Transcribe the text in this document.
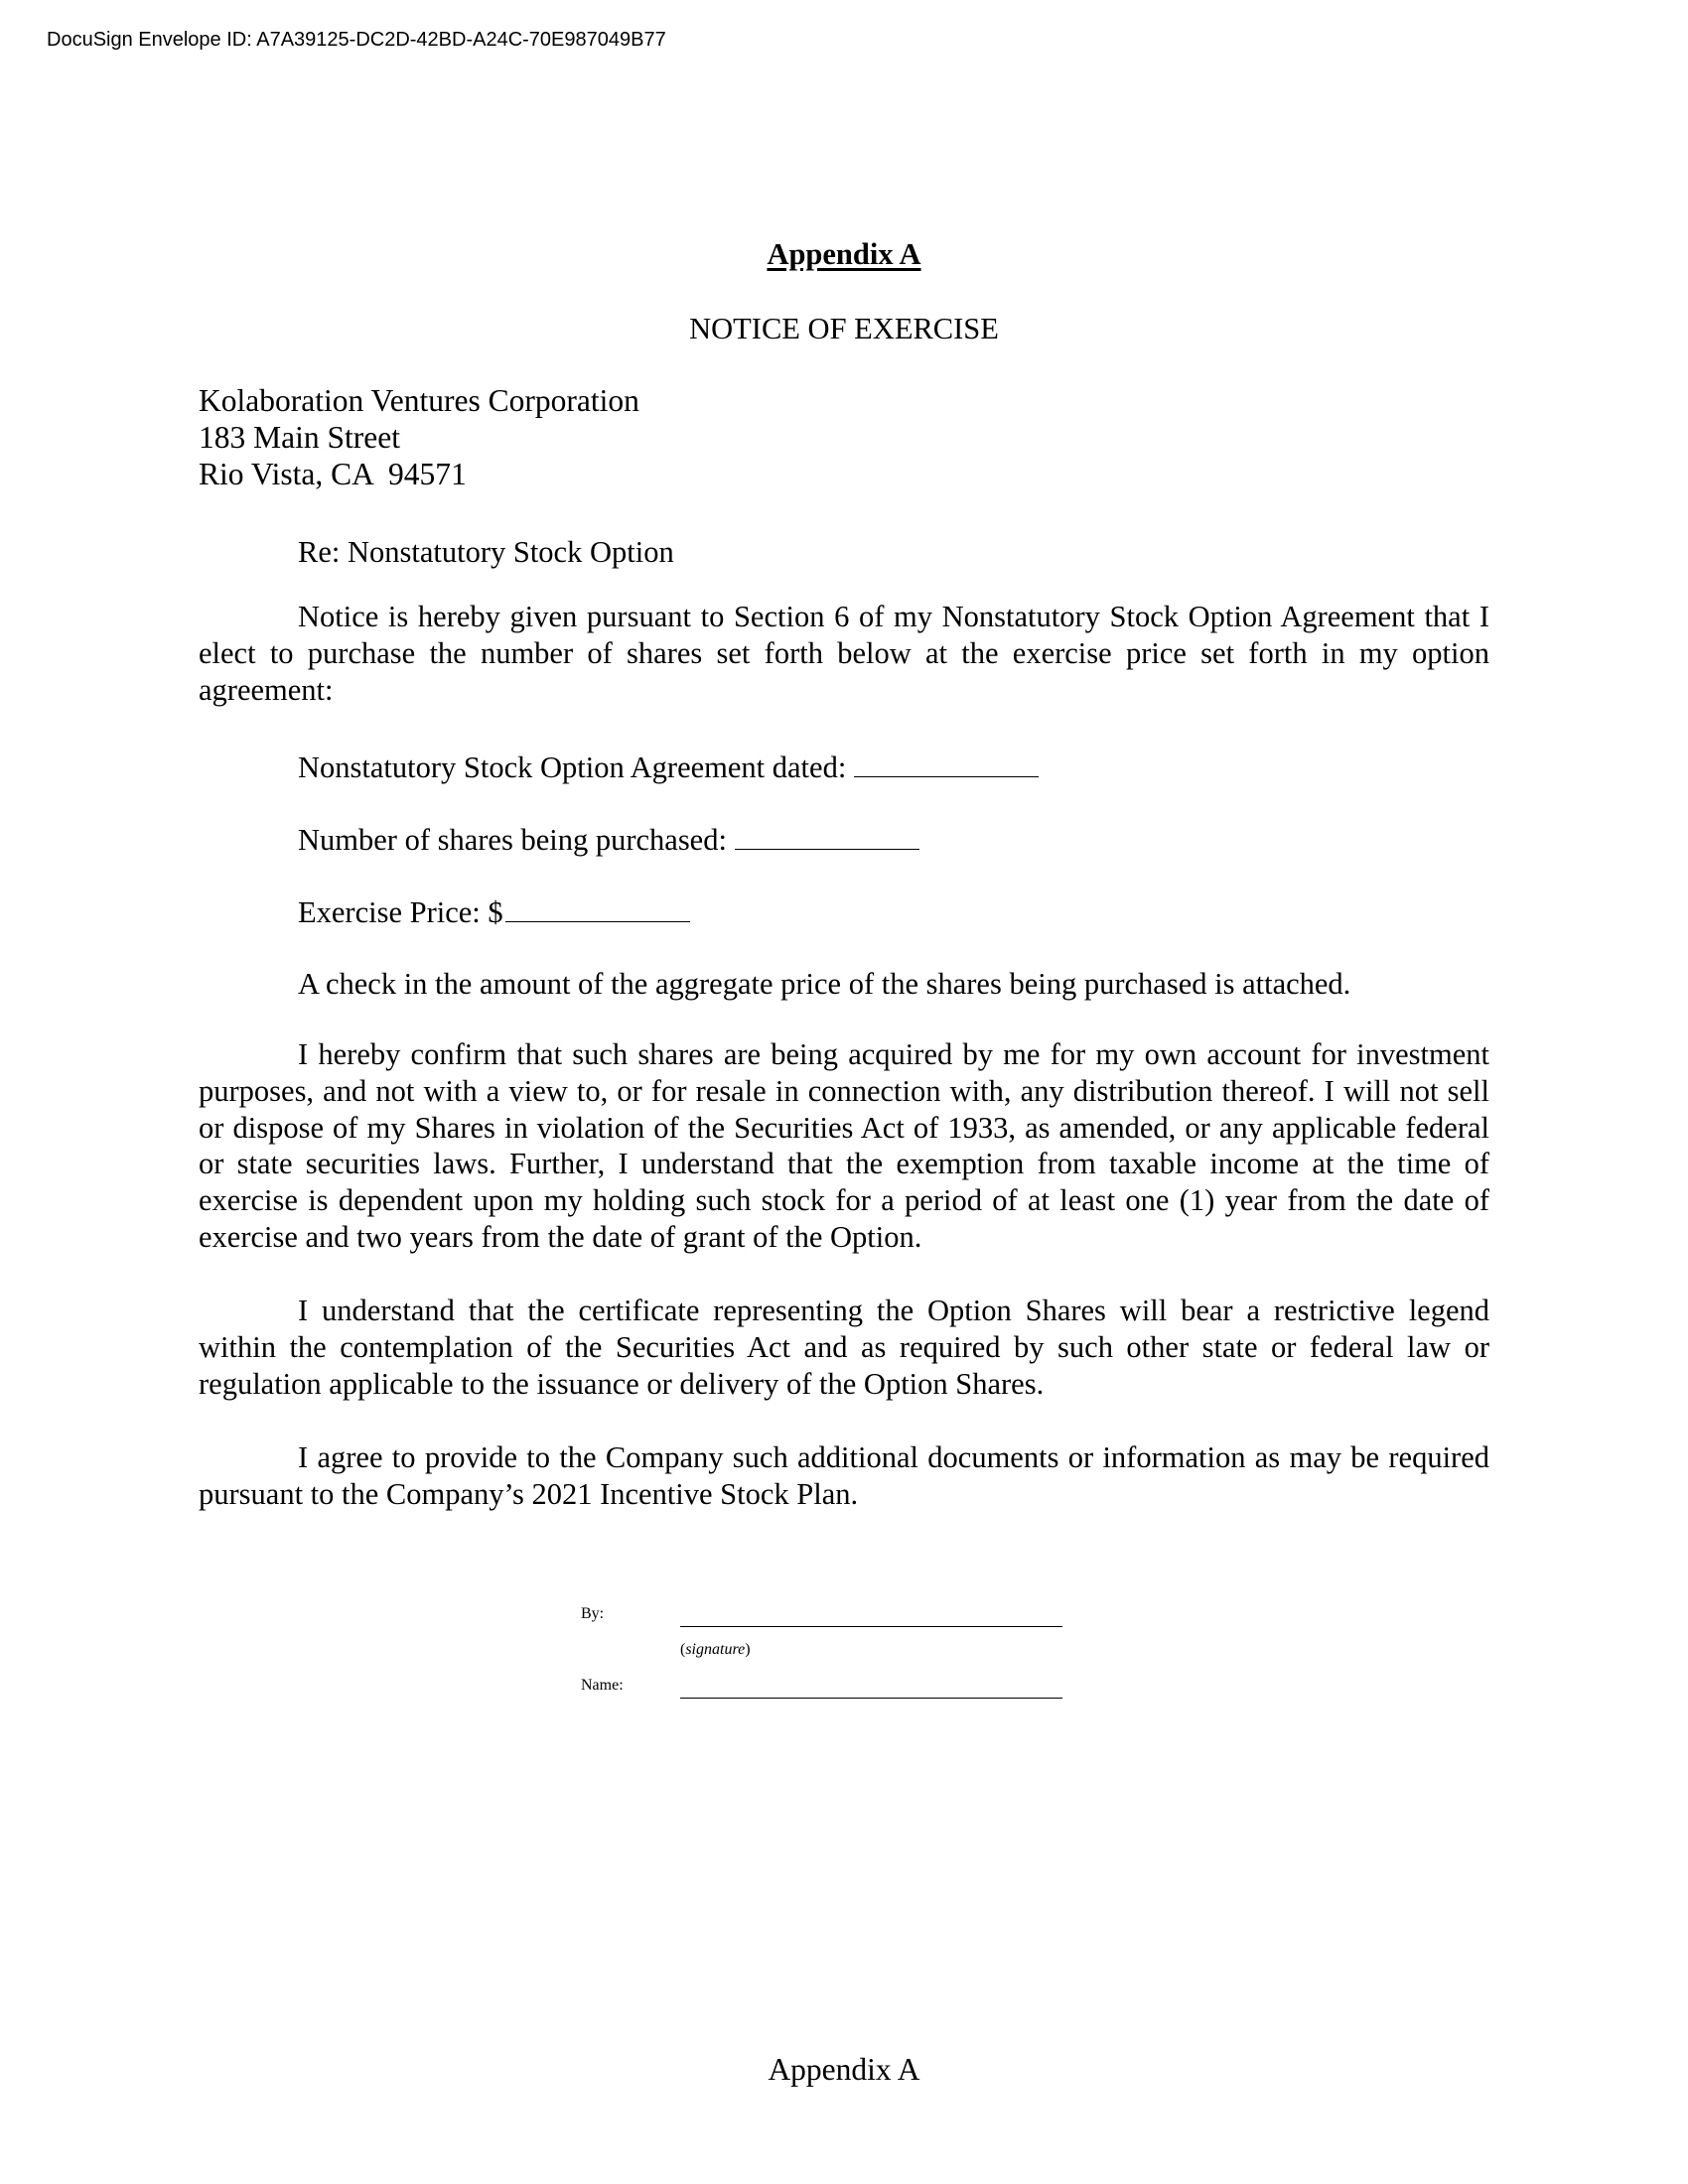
DocuSign Envelope ID: A7A39125-DC2D-42BD-A24C-70E987049B77
Appendix A
NOTICE OF EXERCISE
Kolaboration Ventures Corporation
183 Main Street
Rio Vista, CA  94571
Re: Nonstatutory Stock Option
Notice is hereby given pursuant to Section 6 of my Nonstatutory Stock Option Agreement that I elect to purchase the number of shares set forth below at the exercise price set forth in my option agreement:
Nonstatutory Stock Option Agreement dated:
Number of shares being purchased:
Exercise Price: $
A check in the amount of the aggregate price of the shares being purchased is attached.
I hereby confirm that such shares are being acquired by me for my own account for investment purposes, and not with a view to, or for resale in connection with, any distribution thereof. I will not sell or dispose of my Shares in violation of the Securities Act of 1933, as amended, or any applicable federal or state securities laws. Further, I understand that the exemption from taxable income at the time of exercise is dependent upon my holding such stock for a period of at least one (1) year from the date of exercise and two years from the date of grant of the Option.
I understand that the certificate representing the Option Shares will bear a restrictive legend within the contemplation of the Securities Act and as required by such other state or federal law or regulation applicable to the issuance or delivery of the Option Shares.
I agree to provide to the Company such additional documents or information as may be required pursuant to the Company’s 2021 Incentive Stock Plan.
Appendix A
By:
(signature)
Name:
